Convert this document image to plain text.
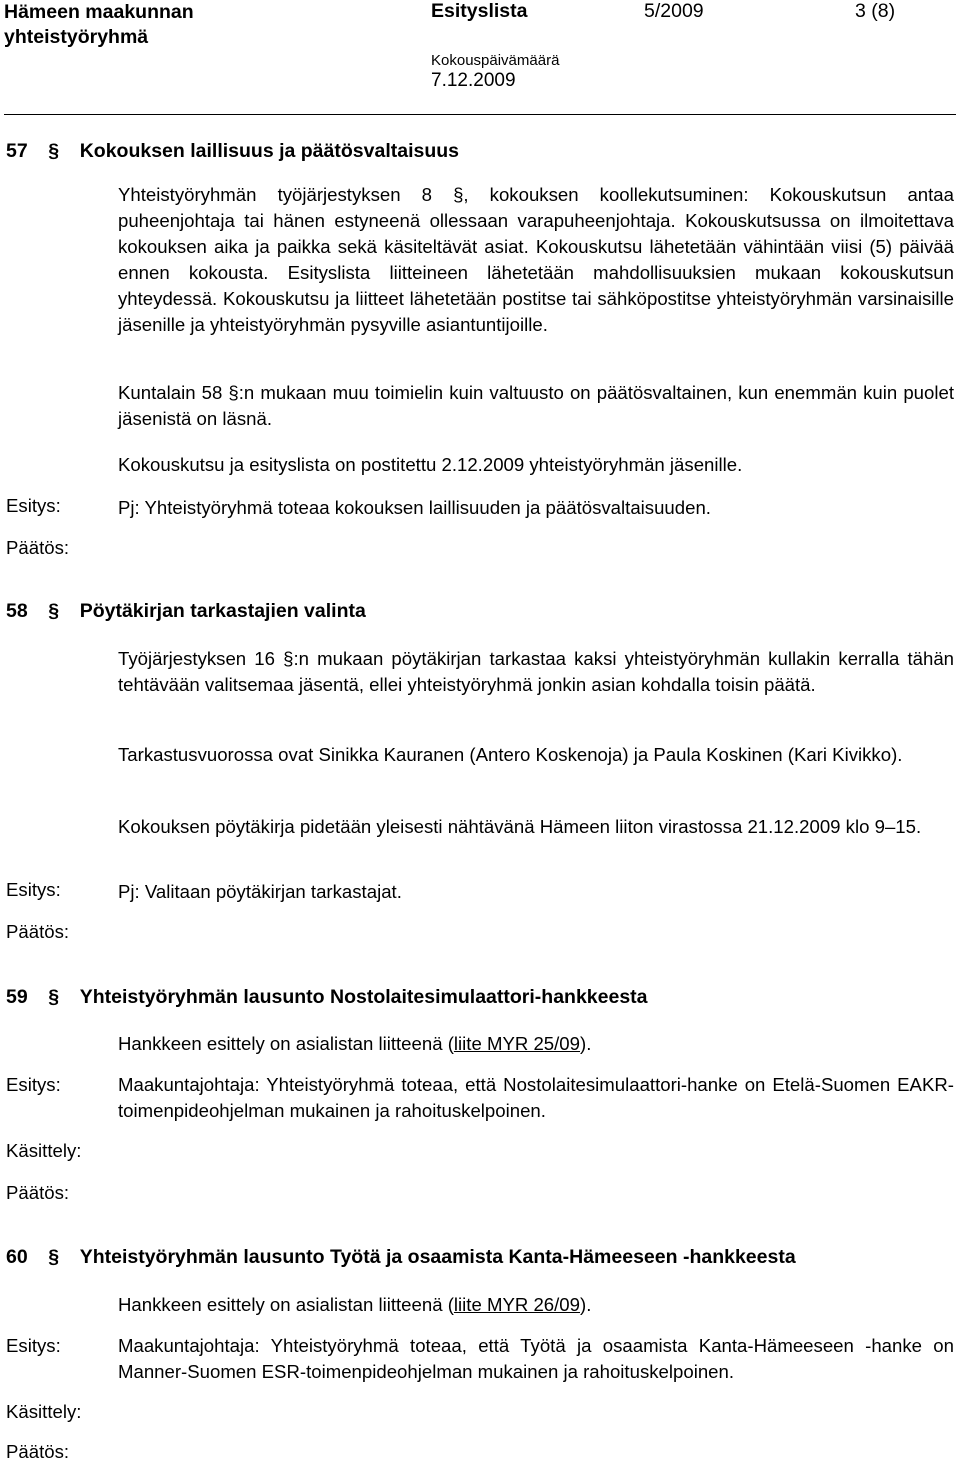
Hämeen maakunnan
yhteistyöryhmä
Esityslista	5/2009	3 (8)
Kokouspäivämäärä
7.12.2009
57 § Kokouksen laillisuus ja päätösvaltaisuus
Yhteistyöryhmän työjärjestyksen 8 §, kokouksen koollekutsuminen: Kokouskutsun antaa puheenjohtaja tai hänen estyneenä ollessaan varapuheenjohtaja. Kokouskutsussa on ilmoitettava kokouksen aika ja paikka sekä käsiteltävät asiat. Kokouskutsu lähetetään vähintään viisi (5) päivää ennen kokousta. Esityslista liitteineen lähetetään mahdollisuuksien mukaan kokouskutsun yhteydessä. Kokouskutsu ja liitteet lähetetään postitse tai sähköpostitse yhteistyöryhmän varsinaisille jäsenille ja yhteistyöryhmän pysyville asiantuntijoille.
Kuntalain 58 §:n mukaan muu toimielin kuin valtuusto on päätösvaltainen, kun enemmän kuin puolet jäsenistä on läsnä.
Kokouskutsu ja esityslista on postitettu 2.12.2009 yhteistyöryhmän jäsenille.
Esitys:	Pj: Yhteistyöryhmä toteaa kokouksen laillisuuden ja päätösvaltaisuuden.
Päätös:
58 § Pöytäkirjan tarkastajien valinta
Työjärjestyksen 16 §:n mukaan pöytäkirjan tarkastaa kaksi yhteistyöryhmän kullakin kerralla tähän tehtävään valitsemaa jäsentä, ellei yhteistyöryhmä jonkin asian kohdalla toisin päätä.
Tarkastusvuorossa ovat Sinikka Kauranen (Antero Koskenoja) ja Paula Koskinen (Kari Kivikko).
Kokouksen pöytäkirja pidetään yleisesti nähtävänä Hämeen liiton virastossa 21.12.2009 klo 9–15.
Esitys:	Pj: Valitaan pöytäkirjan tarkastajat.
Päätös:
59 § Yhteistyöryhmän lausunto Nostolaitesimulaattori-hankkeesta
Hankkeen esittely on asialistan liitteenä (liite MYR 25/09).
Esitys:	Maakuntajohtaja: Yhteistyöryhmä toteaa, että Nostolaitesimulaattori-hanke on Etelä-Suomen EAKR-toimenpideohjelman mukainen ja rahoituskelpoinen.
Käsittely:
Päätös:
60 § Yhteistyöryhmän lausunto Työtä ja osaamista Kanta-Hämeeseen -hankkeesta
Hankkeen esittely on asialistan liitteenä (liite MYR 26/09).
Esitys:	Maakuntajohtaja: Yhteistyöryhmä toteaa, että Työtä ja osaamista Kanta-Hämeeseen -hanke on Manner-Suomen ESR-toimenpideohjelman mukainen ja rahoituskelpoinen.
Käsittely:
Päätös:
